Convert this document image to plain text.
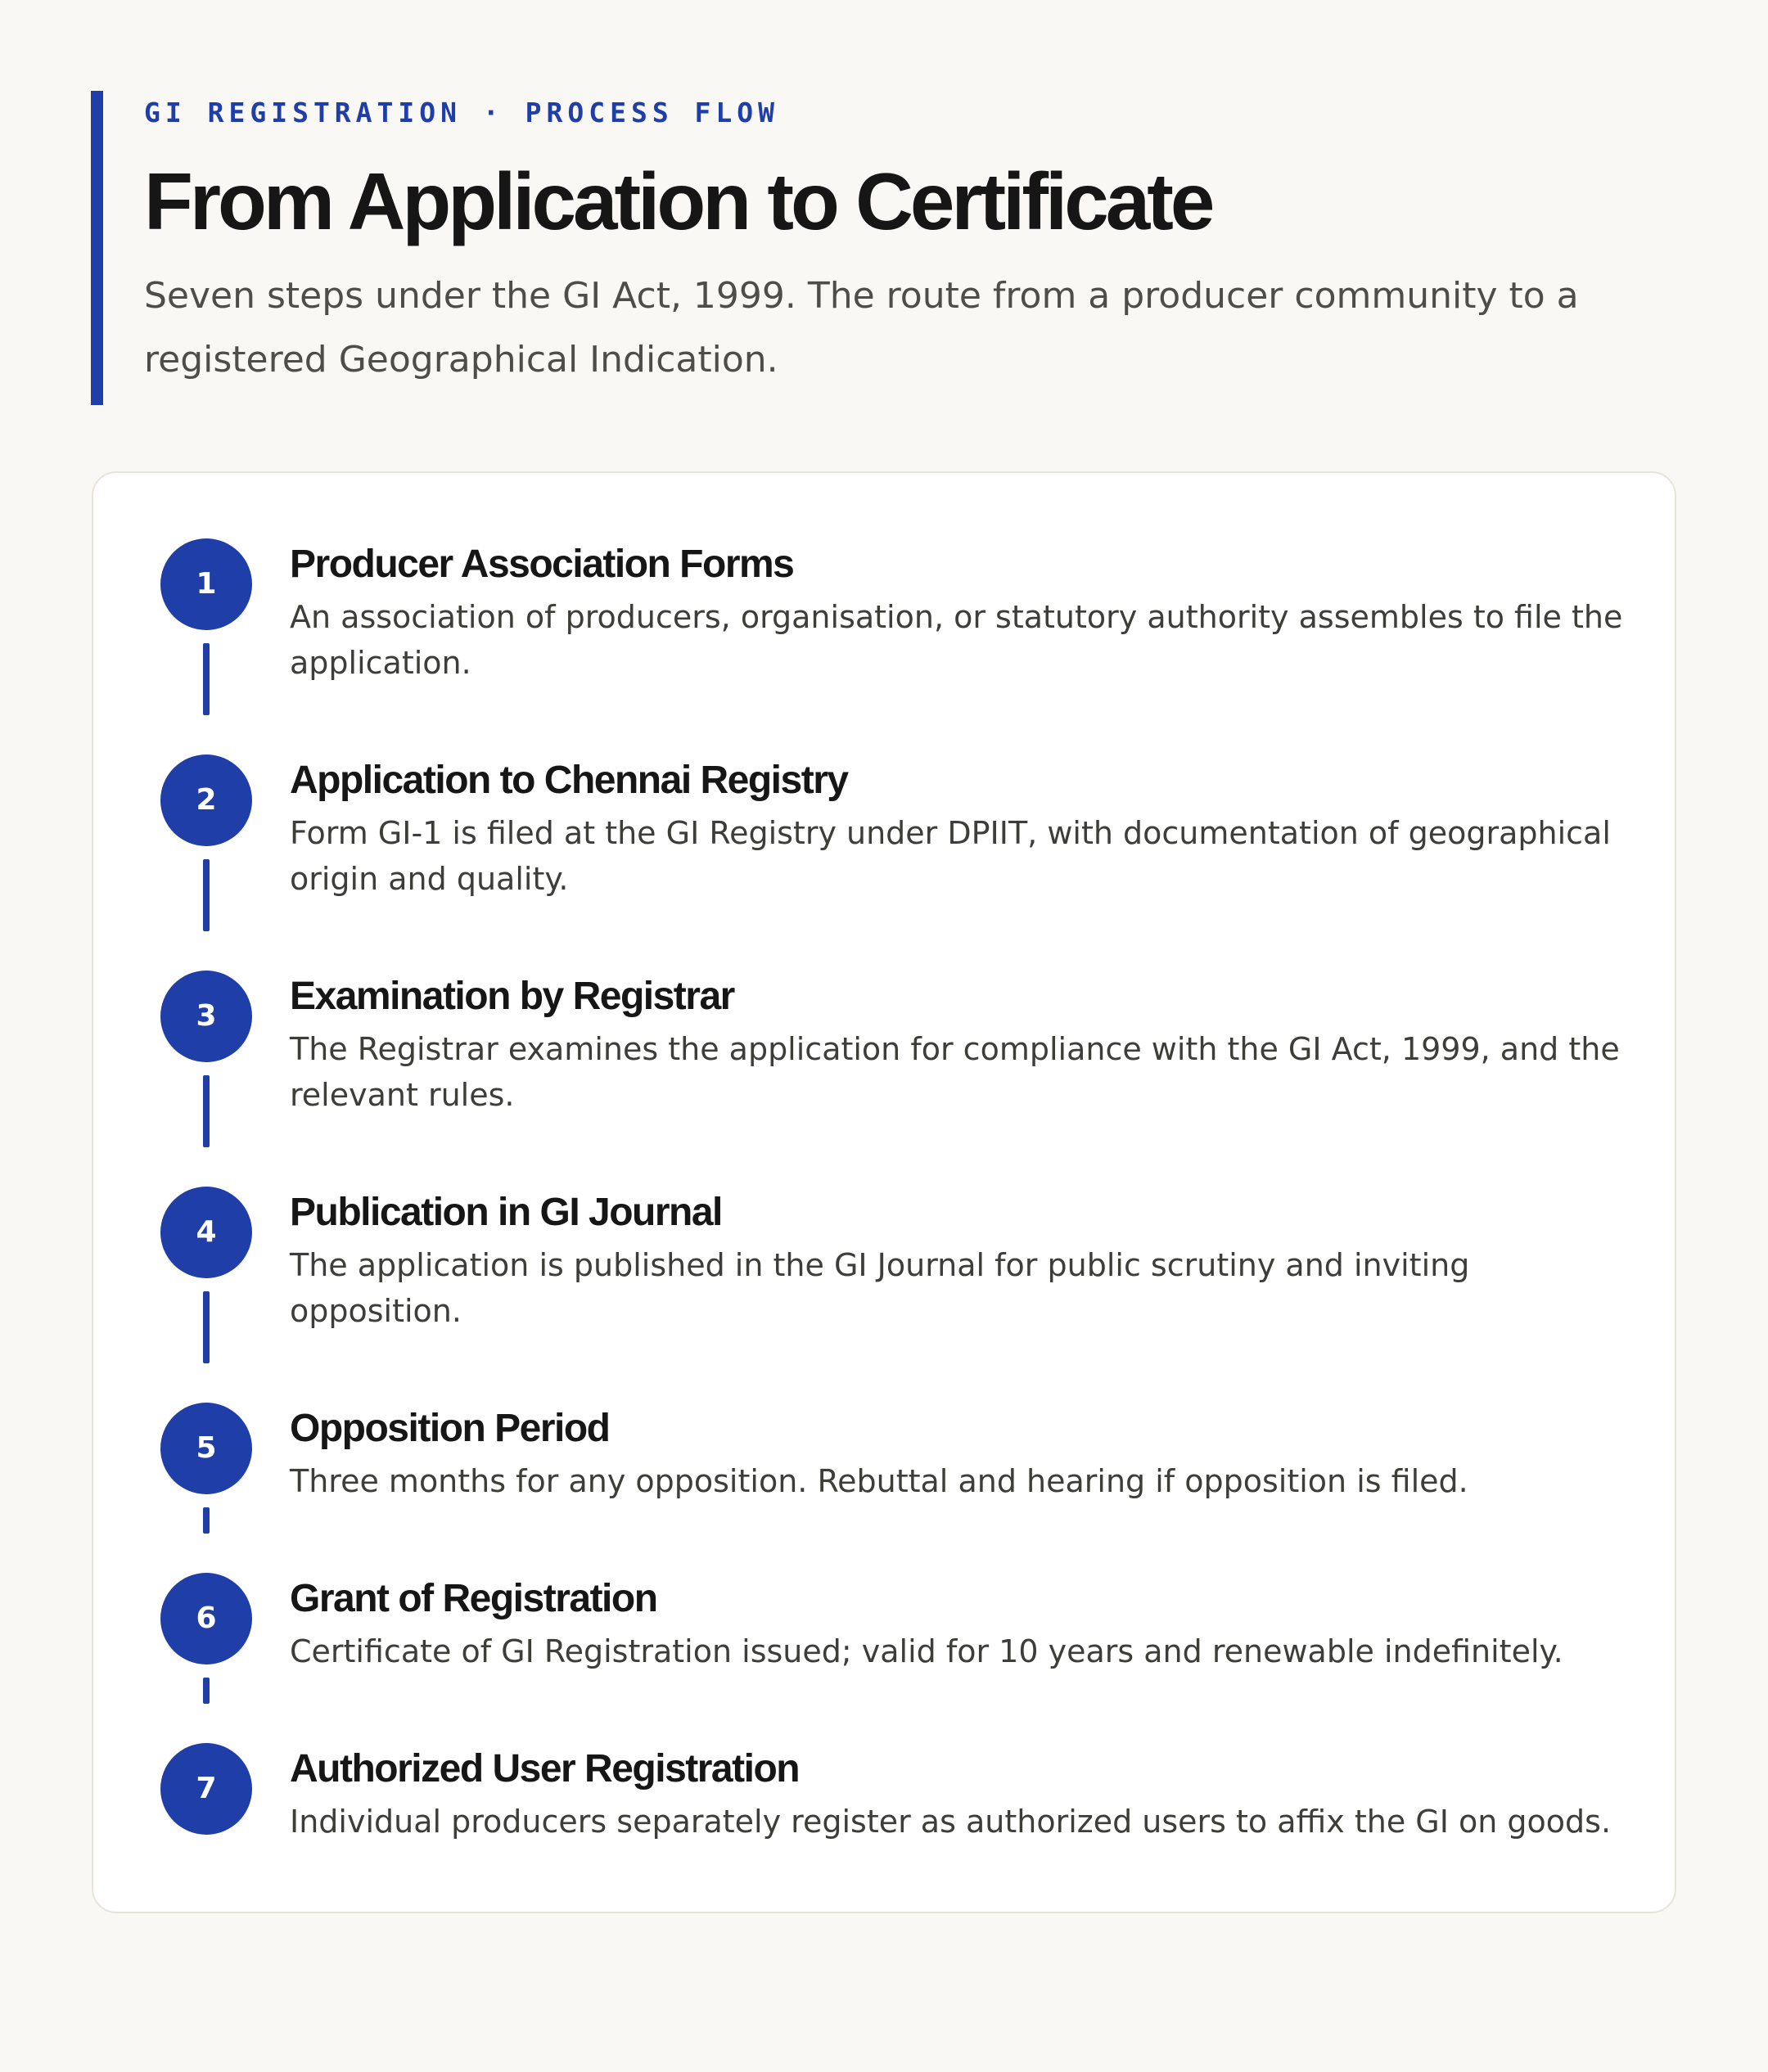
GI REGISTRATION · PROCESS FLOW
From Application to Certificate
Seven steps under the GI Act, 1999. The route from a producer community to a registered Geographical Indication.
1	Producer Association Forms
An association of producers, organisation, or statutory authority assembles to file the application.
2	Application to Chennai Registry
Form GI-1 is filed at the GI Registry under DPIIT, with documentation of geographical origin and quality.
3	Examination by Registrar
The Registrar examines the application for compliance with the GI Act, 1999, and the relevant rules.
4	Publication in GI Journal
The application is published in the GI Journal for public scrutiny and inviting opposition.
5	Opposition Period
Three months for any opposition. Rebuttal and hearing if opposition is filed.
6	Grant of Registration
Certificate of GI Registration issued; valid for 10 years and renewable indefinitely.
7	Authorized User Registration
Individual producers separately register as authorized users to affix the GI on goods.
